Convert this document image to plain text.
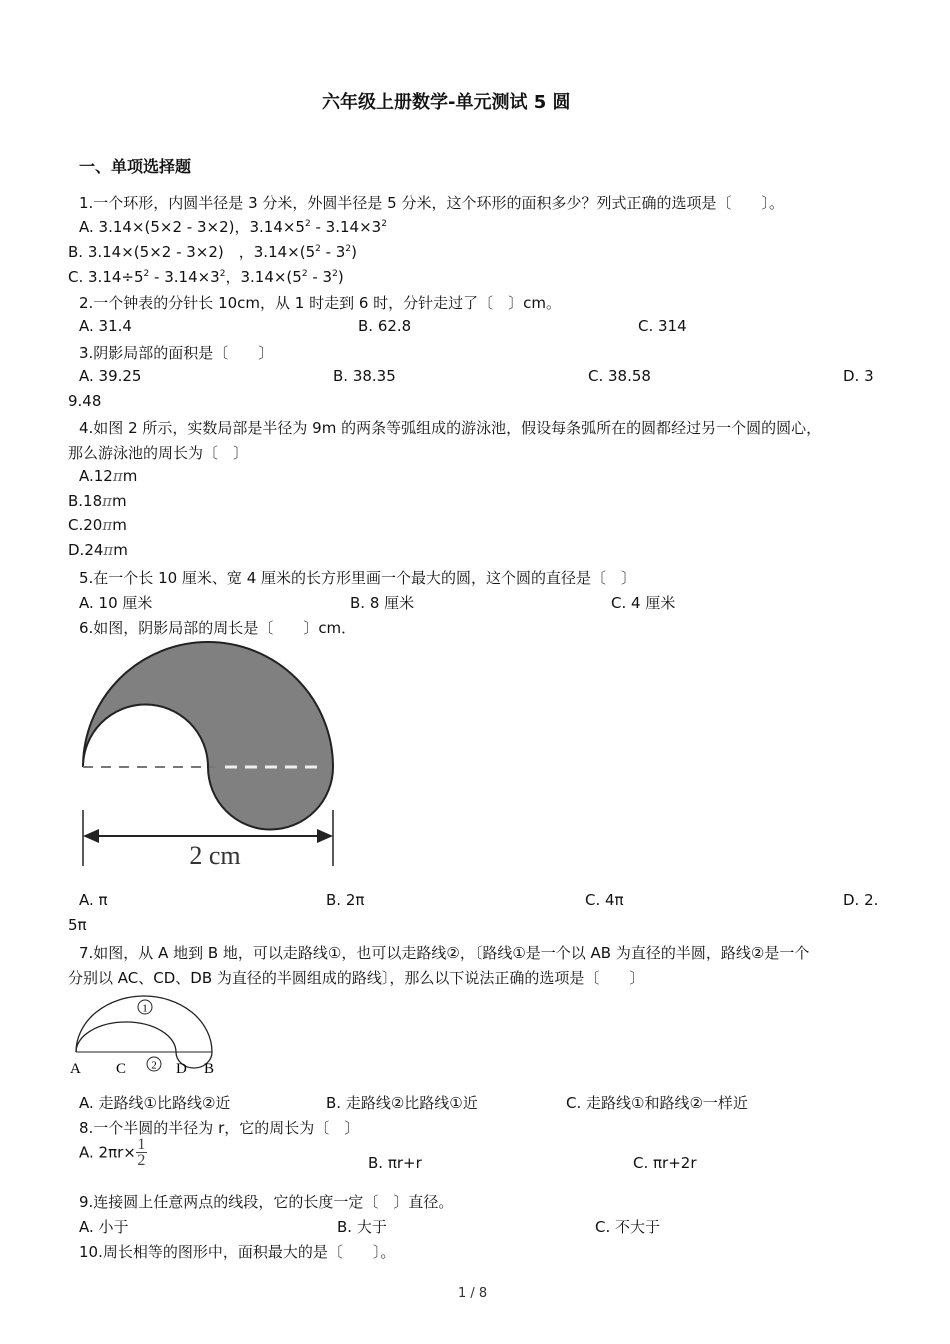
六年级上册数学-单元测试 5 圆
一、单项选择题
1.一个环形，内圆半径是 3 分米，外圆半径是 5 分米，这个环形的面积多少？列式正确的选项是〔　　〕。
A. 3.14×(5×2 - 3×2)，$3.14\times 5^2 - 3.14\times 3^2$
B. 3.14×(5×2 - 3×2)　，$3.14\times(5^2 - 3^2)$
C. $3.14\div 5^2 - 3.14\times 3^2$，$3.14\times(5^2 - 3^2)$
2.一个钟表的分针长 10cm，从 1 时走到 6 时，分针走过了〔　〕cm。
A. 31.4	B. 62.8	C. 314
3.阴影局部的面积是〔　　〕
A. 39.25	B. 38.35	C. 38.58	D. 3
9.48
4.如图 2 所示，实数局部是半径为 9m 的两条等弧组成的游泳池，假设每条弧所在的圆都经过另一个圆的圆心，
那么游泳池的周长为〔　〕
A.12πm
B.18πm
C.20πm
D.24πm
5.在一个长 10 厘米、宽 4 厘米的长方形里画一个最大的圆，这个圆的直径是〔　〕
A. 10 厘米	B. 8 厘米	C. 4 厘米
6.如图，阴影局部的周长是〔　　〕cm．
2 cm
A. π	B. 2π	C. 4π	D. 2.
5π
7.如图，从 A 地到 B 地，可以走路线①，也可以走路线②，〔路线①是一个以 AB 为直径的半圆，路线②是一个
分别以 AC、CD、DB 为直径的半圆组成的路线〕，那么以下说法正确的选项是〔　　〕
1
2
A C	D B
A. 走路线①比路线②近	B. 走路线②比路线①近	C. 走路线①和路线②一样近
8.一个半圆的半径为 r，它的周长为〔　〕
A. $2\pi r\times \frac{1}{2}$	B. πr+r	C. πr+2r
9.连接圆上任意两点的线段，它的长度一定〔　〕直径。
A. 小于	B. 大于	C. 不大于
10.周长相等的图形中，面积最大的是〔　　〕。
1 / 8
